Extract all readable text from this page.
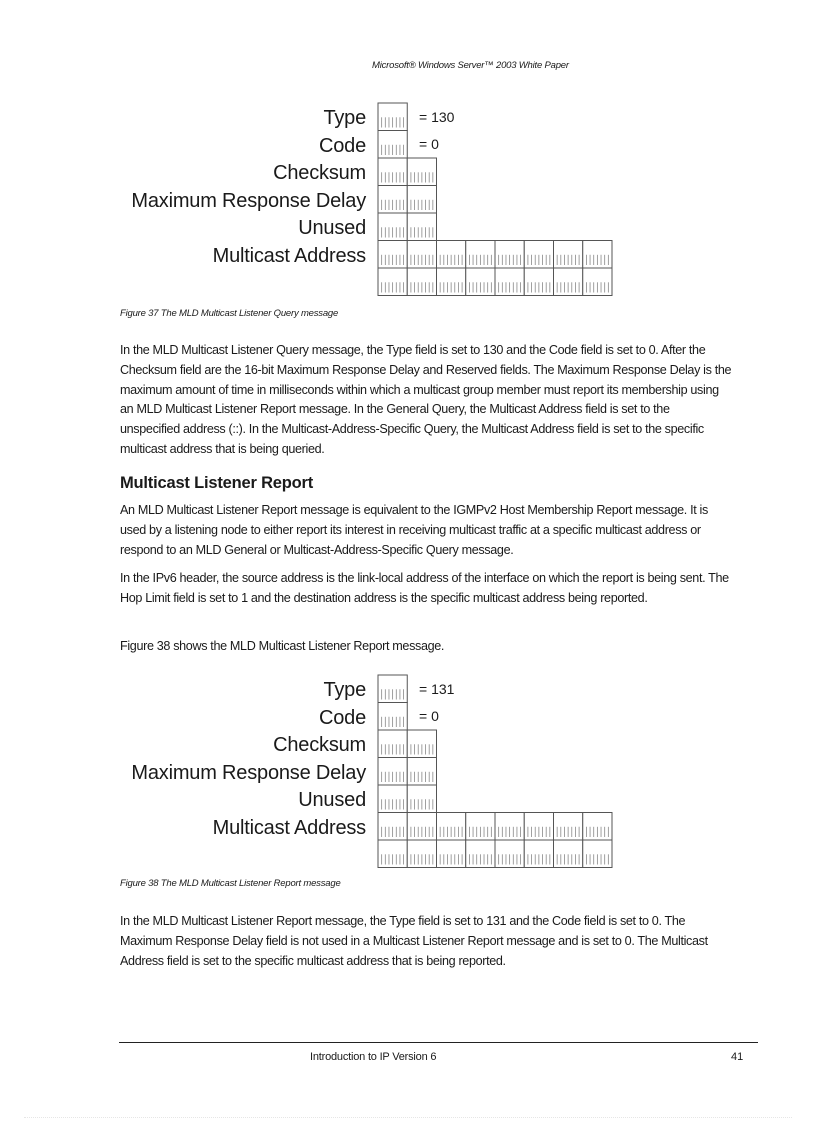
Microsoft® Windows Server™ 2003 White Paper
Type	= 130
Code	= 0
Checksum
Maximum Response Delay
Unused
Multicast Address
Figure 37 The MLD Multicast Listener Query message

In the MLD Multicast Listener Query message, the Type field is set to 130 and the Code field is set to 0. After the Checksum field are the 16-bit Maximum Response Delay and Reserved fields. The Maximum Response Delay is the maximum amount of time in milliseconds within which a multicast group member must report its membership using an MLD Multicast Listener Report message. In the General Query, the Multicast Address field is set to the unspecified address (::). In the Multicast-Address-Specific Query, the Multicast Address field is set to the specific multicast address that is being queried.

Multicast Listener Report

An MLD Multicast Listener Report message is equivalent to the IGMPv2 Host Membership Report message. It is used by a listening node to either report its interest in receiving multicast traffic at a specific multicast address or respond to an MLD General or Multicast-Address-Specific Query message.

In the IPv6 header, the source address is the link-local address of the interface on which the report is being sent. The Hop Limit field is set to 1 and the destination address is the specific multicast address being reported.

Figure 38 shows the MLD Multicast Listener Report message.

Type	= 131
Code	= 0
Checksum
Maximum Response Delay
Unused
Multicast Address
Figure 38 The MLD Multicast Listener Report message

In the MLD Multicast Listener Report message, the Type field is set to 131 and the Code field is set to 0. The Maximum Response Delay field is not used in a Multicast Listener Report message and is set to 0. The Multicast Address field is set to the specific multicast address that is being reported.

Introduction to IP Version 6	41
